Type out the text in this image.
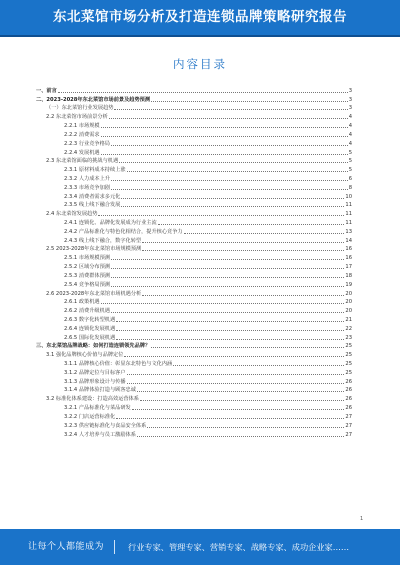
东北菜馆市场分析及打造连锁品牌策略研究报告
内容目录
一、前言	3
二、2023-2028年东北菜馆市场前景及趋势预测	3
（一）东北菜馆行业发展趋势	3
2.2 东北菜馆市场前景分析	4
2.2.1 市场规模	4
2.2.2 消费需求	4
2.2.3 行业竞争格局	4
2.2.4 发展机遇	5
2.3 东北菜馆面临的挑战与机遇	5
2.3.1 原材料成本持续上涨	5
2.3.2 人力成本上升	6
2.3.3 市场竞争加剧	8
2.3.4 消费者需求多元化	10
2.3.5 线上线下融合发展	11
2.4 东北菜馆发展趋势	11
2.4.1 连锁化、品牌化发展成为行业主流	11
2.4.2 产品标准化与特色化相结合，提升核心竞争力	13
2.4.3 线上线下融合，数字化转型	14
2.5 2023-2028年东北菜馆市场规模预测	16
2.5.1 市场规模预测	16
2.5.2 区域分布预测	17
2.5.3 消费群体预测	18
2.5.4 竞争格局预测	19
2.6 2023-2028年东北菜馆市场机遇分析	20
2.6.1 政策机遇	20
2.6.2 消费升级机遇	20
2.6.3 数字化转型机遇	21
2.6.4 连锁化发展机遇	22
2.6.5 国际化发展机遇	23
三、东北菜馆品牌战略：如何打造连锁领先品牌？	25
3.1 强化品牌核心价值与品牌定位	25
3.1.1 品牌核心价值：彰显东北特色与文化内涵	25
3.1.2 品牌定位与目标客户	25
3.1.3 品牌形象设计与传播	26
3.1.4 品牌体验打造与顾客忠诚	26
3.2 标准化体系建设：打造高效运营体系	26
3.2.1 产品标准化与菜品研发	26
3.2.2 门店运营标准化	27
3.2.3 供应链标准化与食品安全体系	27
3.2.4 人才培养与员工激励体系	27
1
让每个人都能成为	行业专家、管理专家、营销专家、战略专家、成功企业家……
